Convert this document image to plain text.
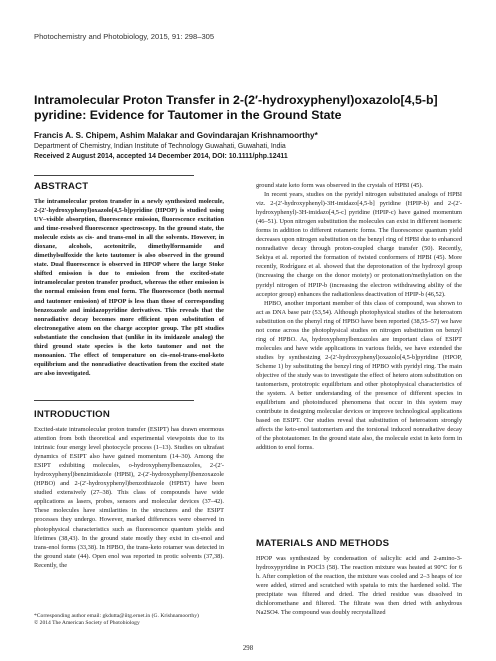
Photochemistry and Photobiology, 2015, 91: 298–305
Intramolecular Proton Transfer in 2-(2′-hydroxyphenyl)oxazolo[4,5-b] pyridine: Evidence for Tautomer in the Ground State
Francis A. S. Chipem, Ashim Malakar and Govindarajan Krishnamoorthy*
Department of Chemistry, Indian Institute of Technology Guwahati, Guwahati, India
Received 2 August 2014, accepted 14 December 2014, DOI: 10.1111/php.12411
ABSTRACT

The intramolecular proton transfer in a newly synthesized molecule, 2-(2′-hydroxyphenyl)oxazolo[4,5-b]pyridine (HPOP) is studied using UV–visible absorption, fluorescence emission, fluorescence excitation and time-resolved fluorescence spectroscopy. In the ground state, the molecule exists as cis- and trans-enol in all the solvents. However, in dioxane, alcohols, acetonitrile, dimethylformamide and dimethylsulfoxide the keto tautomer is also observed in the ground state. Dual fluorescence is observed in HPOP where the large Stoke shifted emission is due to emission from the excited-state intramolecular proton transfer product, whereas the other emission is the normal emission from enol form. The fluorescence (both normal and tautomer emission) of HPOP is less than those of corresponding benzoxazole and imidazopyridine derivatives. This reveals that the nonradiative decay becomes more efficient upon substitution of electronegative atom on the charge acceptor group. The pH studies substantiate the conclusion that (unlike in its imidazole analog) the third ground state species is the keto tautomer and not the monoanion. The effect of temperature on cis-enol-trans-enol-keto equilibrium and the nonradiative deactivation from the excited state are also investigated.

INTRODUCTION

Excited-state intramolecular proton transfer (ESIPT) has drawn enormous attention from both theoretical and experimental viewpoints due to its intrinsic four energy level photocycle process (1–13). Studies on ultrafast dynamics of ESIPT also have gained momentum (14–30). Among the ESIPT exhibiting molecules, o-hydroxyphenylbenzazoles, 2-(2′-hydroxyphenyl)benzimidazole (HPBI), 2-(2′-hydroxyphenyl)benzoxazole (HPBO) and 2-(2′-hydroxyphenyl)benzothiazole (HPBT) have been studied extensively (27–38). This class of compounds have wide applications as lasers, probes, sensors and molecular devices (37–42). These molecules have similarities in the structures and the ESIPT processes they undergo. However, marked differences were observed in photophysical characteristics such as fluorescence quantum yields and lifetimes (38,43). In the ground state mostly they exist in cis-enol and trans-enol forms (33,38). In HPBO, the trans-keto rotamer was detected in the ground state (44). Open enol was reported in protic solvents (37,38). Recently, the

*Corresponding author email: gkdutta@iitg.ernet.in (G. Krishnamoorthy)
© 2014 The American Society of Photobiology

ground state keto form was observed in the crystals of HPBI (45).

In recent years, studies on the pyridyl nitrogen substituted analogs of HPBI viz. 2-(2′-hydroxyphenyl)-3H-imidazo[4,5-b] pyridine (HPIP-b) and 2-(2′-hydroxyphenyl)-3H-imidazo[4,5-c] pyridine (HPIP-c) have gained momentum (46–51). Upon nitrogen substitution the molecules can exist in different isomeric forms in addition to different rotameric forms. The fluorescence quantum yield decreases upon nitrogen substitution on the benzyl ring of HPBI due to enhanced nonradiative decay through proton-coupled charge transfer (50). Recently, Sekiya et al. reported the formation of twisted conformers of HPBI (45). More recently, Rodríguez et al. showed that the deprotonation of the hydroxyl group (increasing the charge on the donor moiety) or protonation/methylation on the pyridyl nitrogen of HPIP-b (increasing the electron withdrawing ability of the acceptor group) enhances the radiationless deactivation of HPIP-b (46,52).

HPBO, another important member of this class of compound, was shown to act as DNA base pair (53,54). Although photophysical studies of the heteroatom substitution on the phenyl ring of HPBO have been reported (38,55–57) we have not come across the photophysical studies on nitrogen substitution on benzyl ring of HPBO. As, hydroxyphenylbenzazoles are important class of ESIPT molecules and have wide applications in various fields, we have extended the studies by synthesizing 2-(2′-hydroxyphenyl)oxazolo[4,5-b]pyridine (HPOP, Scheme 1) by substituting the benzyl ring of HPBO with pyridyl ring. The main objective of the study was to investigate the effect of hetero atom substitution on tautomerism, prototropic equilibrium and other photophysical characteristics of the system. A better understanding of the presence of different species in equilibrium and photoinduced phenomena that occur in this system may contribute in designing molecular devices or improve technological applications based on ESIPT. Our studies reveal that substitution of heteroatom strongly affects the keto-enol tautomerism and the torsional induced nonradiative decay of the phototautomer. In the ground state also, the molecule exist in keto form in addition to enol forms.

MATERIALS AND METHODS

HPOP was synthesized by condensation of salicylic acid and 2-amino-3-hydroxypyridine in POCl3 (58). The reaction mixture was heated at 90°C for 6 h. After completion of the reaction, the mixture was cooled and 2–3 heaps of ice were added, stirred and scratched with spatula to mix the hardened solid. The precipitate was filtered and dried. The dried residue was dissolved in dichloromethane and filtered. The filtrate was then dried with anhydrous Na2SO4. The compound was doubly recrystallized

298
